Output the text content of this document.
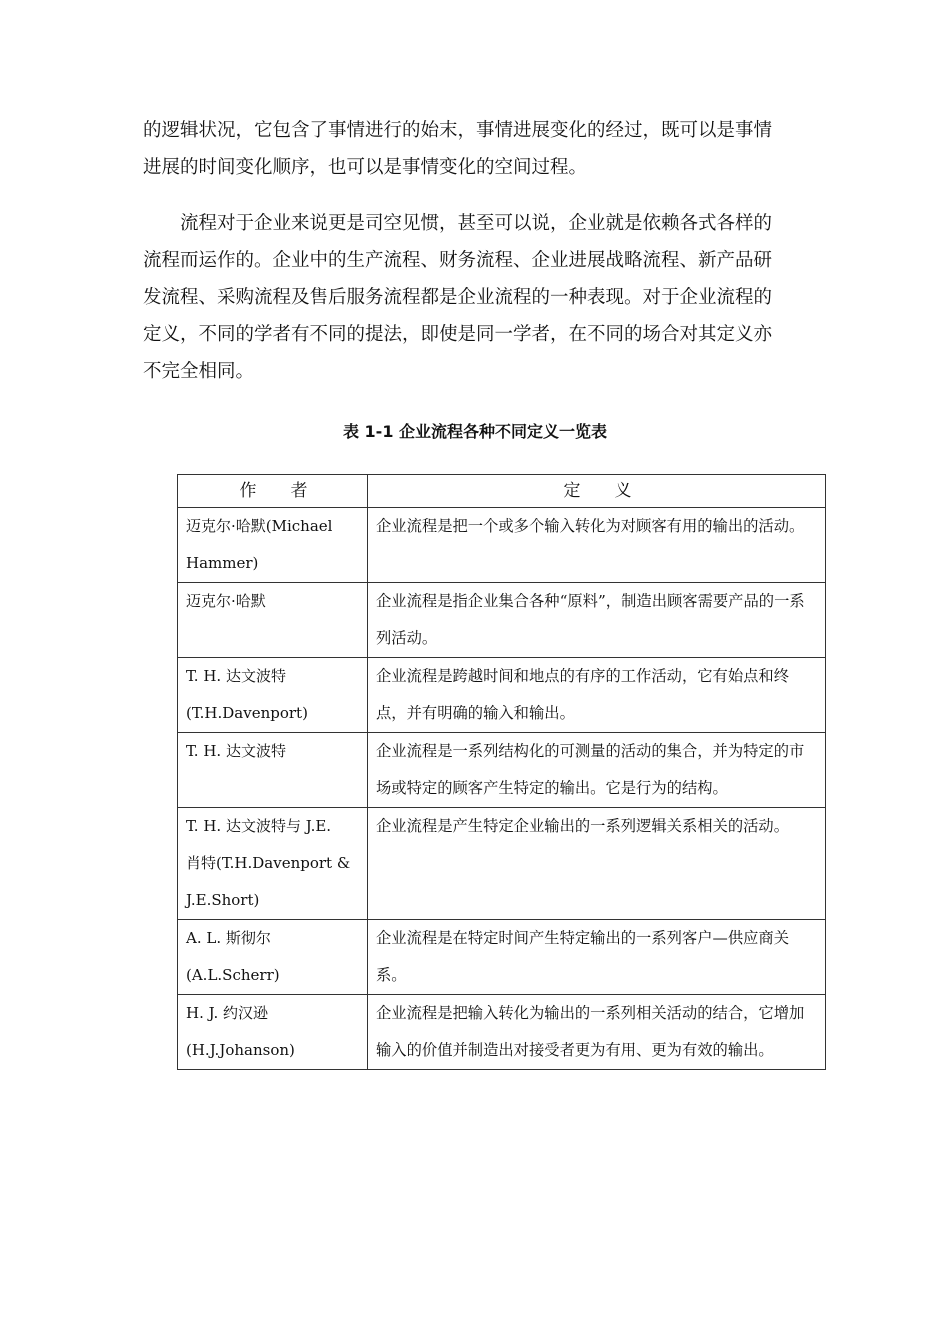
的逻辑状况，它包含了事情进行的始末，事情进展变化的经过，既可以是事情
进展的时间变化顺序，也可以是事情变化的空间过程。
　　流程对于企业来说更是司空见惯，甚至可以说，企业就是依赖各式各样的
流程而运作的。企业中的生产流程、财务流程、企业进展战略流程、新产品研
发流程、采购流程及售后服务流程都是企业流程的一种表现。对于企业流程的
定义，不同的学者有不同的提法，即使是同一学者，在不同的场合对其定义亦
不完全相同。
表 1-1 企业流程各种不同定义一览表
作　　者	定　　义

迈克尔·哈默(Michael
Hammer)	企业流程是把一个或多个输入转化为对顾客有用的输出的活动。

迈克尔·哈默	企业流程是指企业集合各种“原料”，制造出顾客需要产品的一系列活动。

T. H. 达文波特
(T.H.Davenport)	企业流程是跨越时间和地点的有序的工作活动，它有始点和终点，并有明确的输入和输出。

T. H. 达文波特	企业流程是一系列结构化的可测量的活动的集合，并为特定的市场或特定的顾客产生特定的输出。它是行为的结构。

T. H. 达文波特与 J.E.
肖特(T.H.Davenport &
J.E.Short)	企业流程是产生特定企业输出的一系列逻辑关系相关的活动。

A. L. 斯彻尔
(A.L.Scherr)	企业流程是在特定时间产生特定输出的一系列客户—供应商关系。

H. J. 约汉逊
(H.J.Johanson)	企业流程是把输入转化为输出的一系列相关活动的结合，它增加输入的价值并制造出对接受者更为有用、更为有效的输出。
